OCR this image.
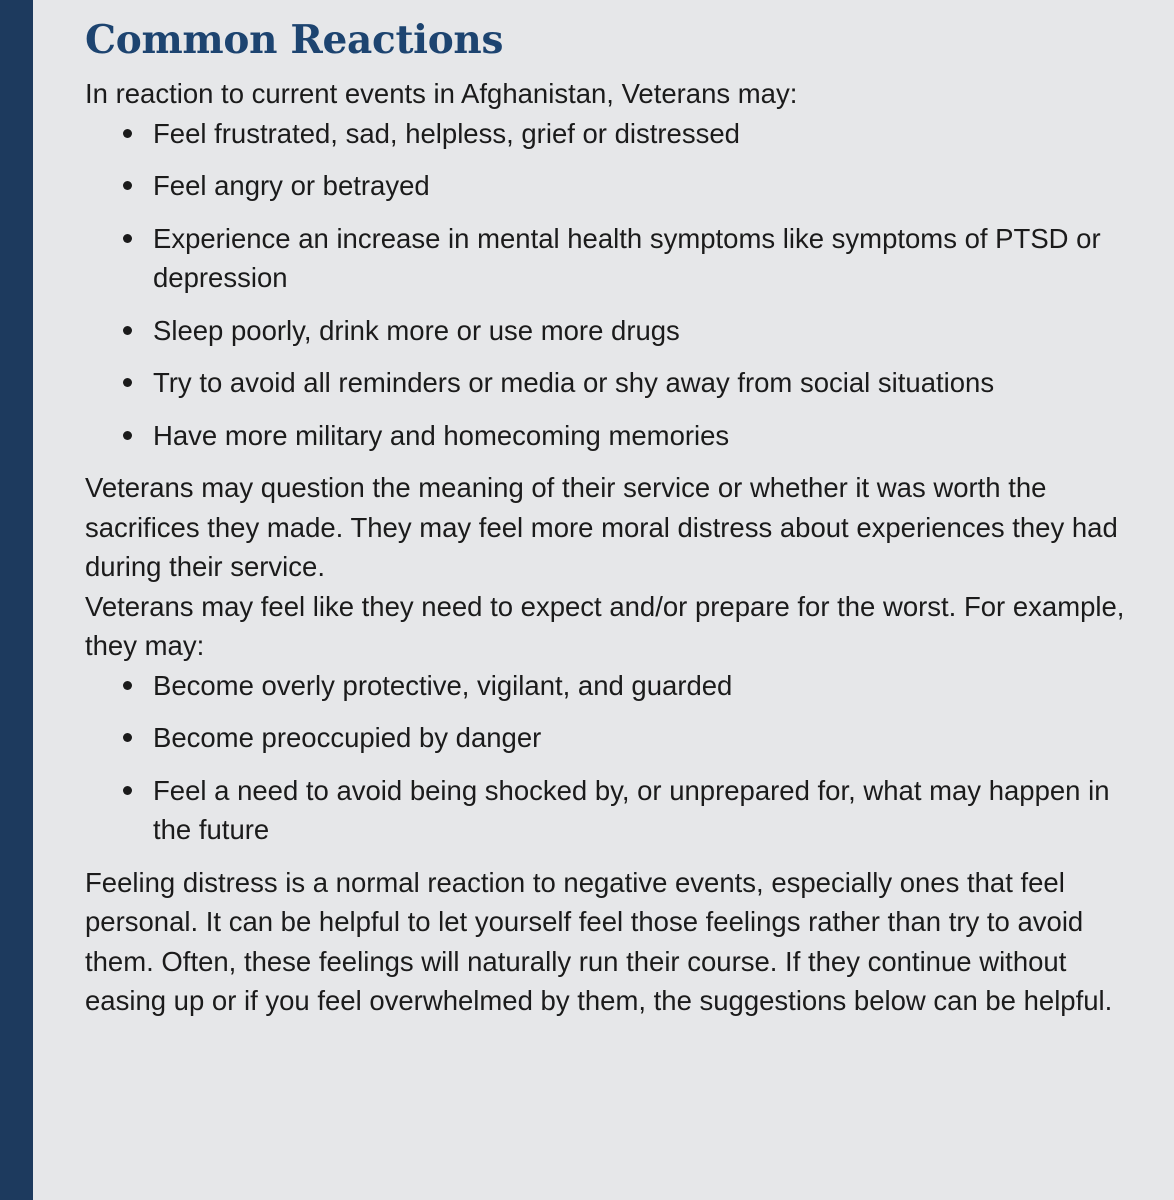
Common Reactions

In reaction to current events in Afghanistan, Veterans may:

Feel frustrated, sad, helpless, grief or distressed
Feel angry or betrayed
Experience an increase in mental health symptoms like symptoms of PTSD or depression
Sleep poorly, drink more or use more drugs
Try to avoid all reminders or media or shy away from social situations
Have more military and homecoming memories

Veterans may question the meaning of their service or whether it was worth the sacrifices they made. They may feel more moral distress about experiences they had during their service.

Veterans may feel like they need to expect and/or prepare for the worst. For example, they may:

Become overly protective, vigilant, and guarded
Become preoccupied by danger
Feel a need to avoid being shocked by, or unprepared for, what may happen in the future

Feeling distress is a normal reaction to negative events, especially ones that feel personal. It can be helpful to let yourself feel those feelings rather than try to avoid them. Often, these feelings will naturally run their course. If they continue without easing up or if you feel overwhelmed by them, the suggestions below can be helpful.
